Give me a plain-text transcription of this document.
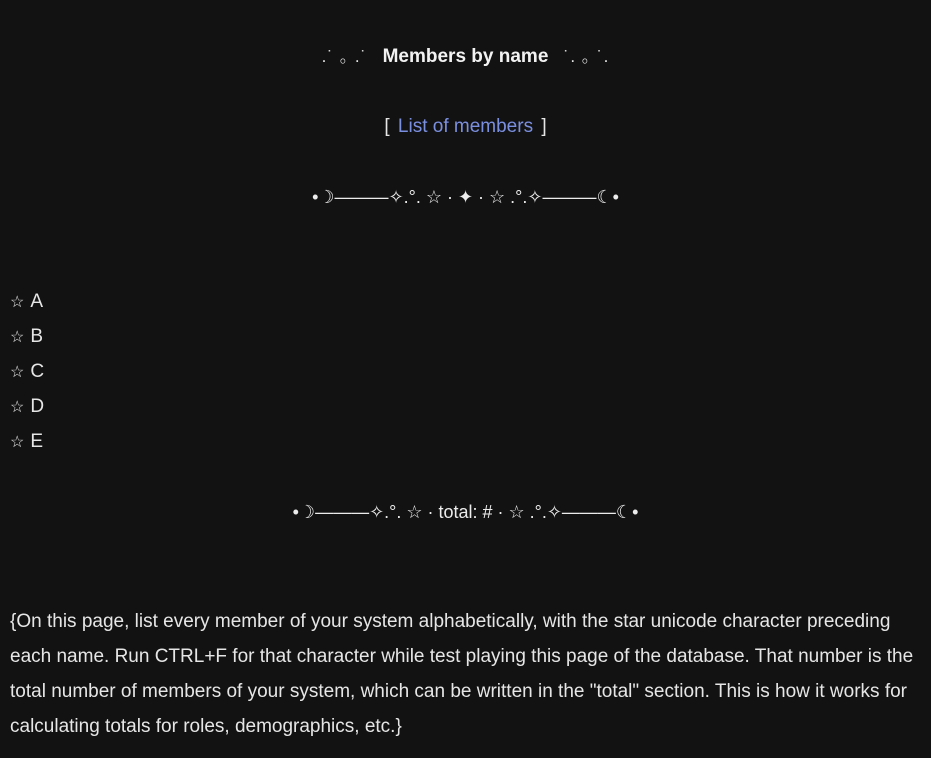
.˙ ｡ .˙ Members by name ˙. ｡ ˙.
[ List of members ]
•☽———✧.°. ☆ · ✦ · ☆ .°.✧———☾•
☆ A
☆ B
☆ C
☆ D
☆ E
•☽———✧.°. ☆ · total: # · ☆ .°.✧———☾•

{On this page, list every member of your system alphabetically, with the star unicode character preceding each name. Run CTRL+F for that character while test playing this page of the database. That number is the total number of members of your system, which can be written in the "total" section. This is how it works for calculating totals for roles, demographics, etc.}
